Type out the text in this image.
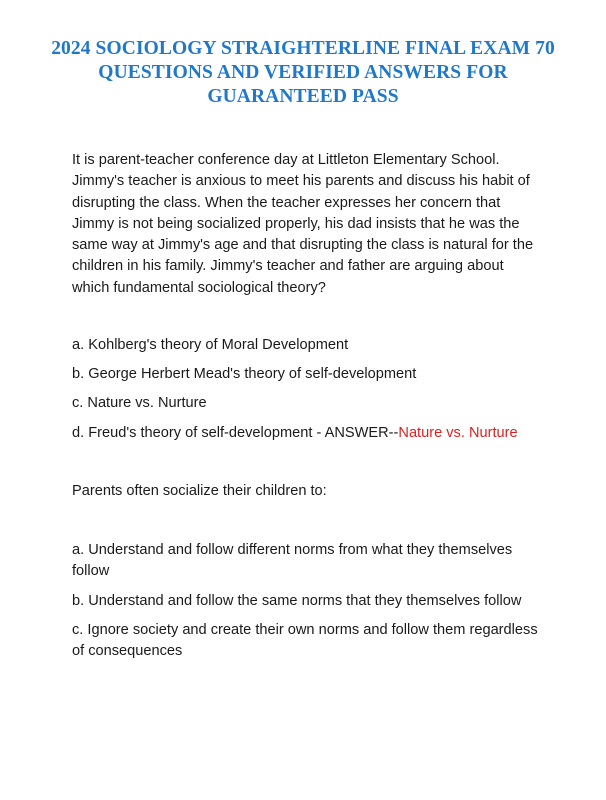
2024 SOCIOLOGY STRAIGHTERLINE FINAL EXAM 70 QUESTIONS AND VERIFIED ANSWERS FOR GUARANTEED PASS

It is parent-teacher conference day at Littleton Elementary School. Jimmy's teacher is anxious to meet his parents and discuss his habit of disrupting the class. When the teacher expresses her concern that Jimmy is not being socialized properly, his dad insists that he was the same way at Jimmy's age and that disrupting the class is natural for the children in his family. Jimmy's teacher and father are arguing about which fundamental sociological theory?

a. Kohlberg's theory of Moral Development

b. George Herbert Mead's theory of self-development

c. Nature vs. Nurture

d. Freud's theory of self-development - ANSWER--Nature vs. Nurture

Parents often socialize their children to:

a. Understand and follow different norms from what they themselves follow

b. Understand and follow the same norms that they themselves follow

c. Ignore society and create their own norms and follow them regardless of consequences
